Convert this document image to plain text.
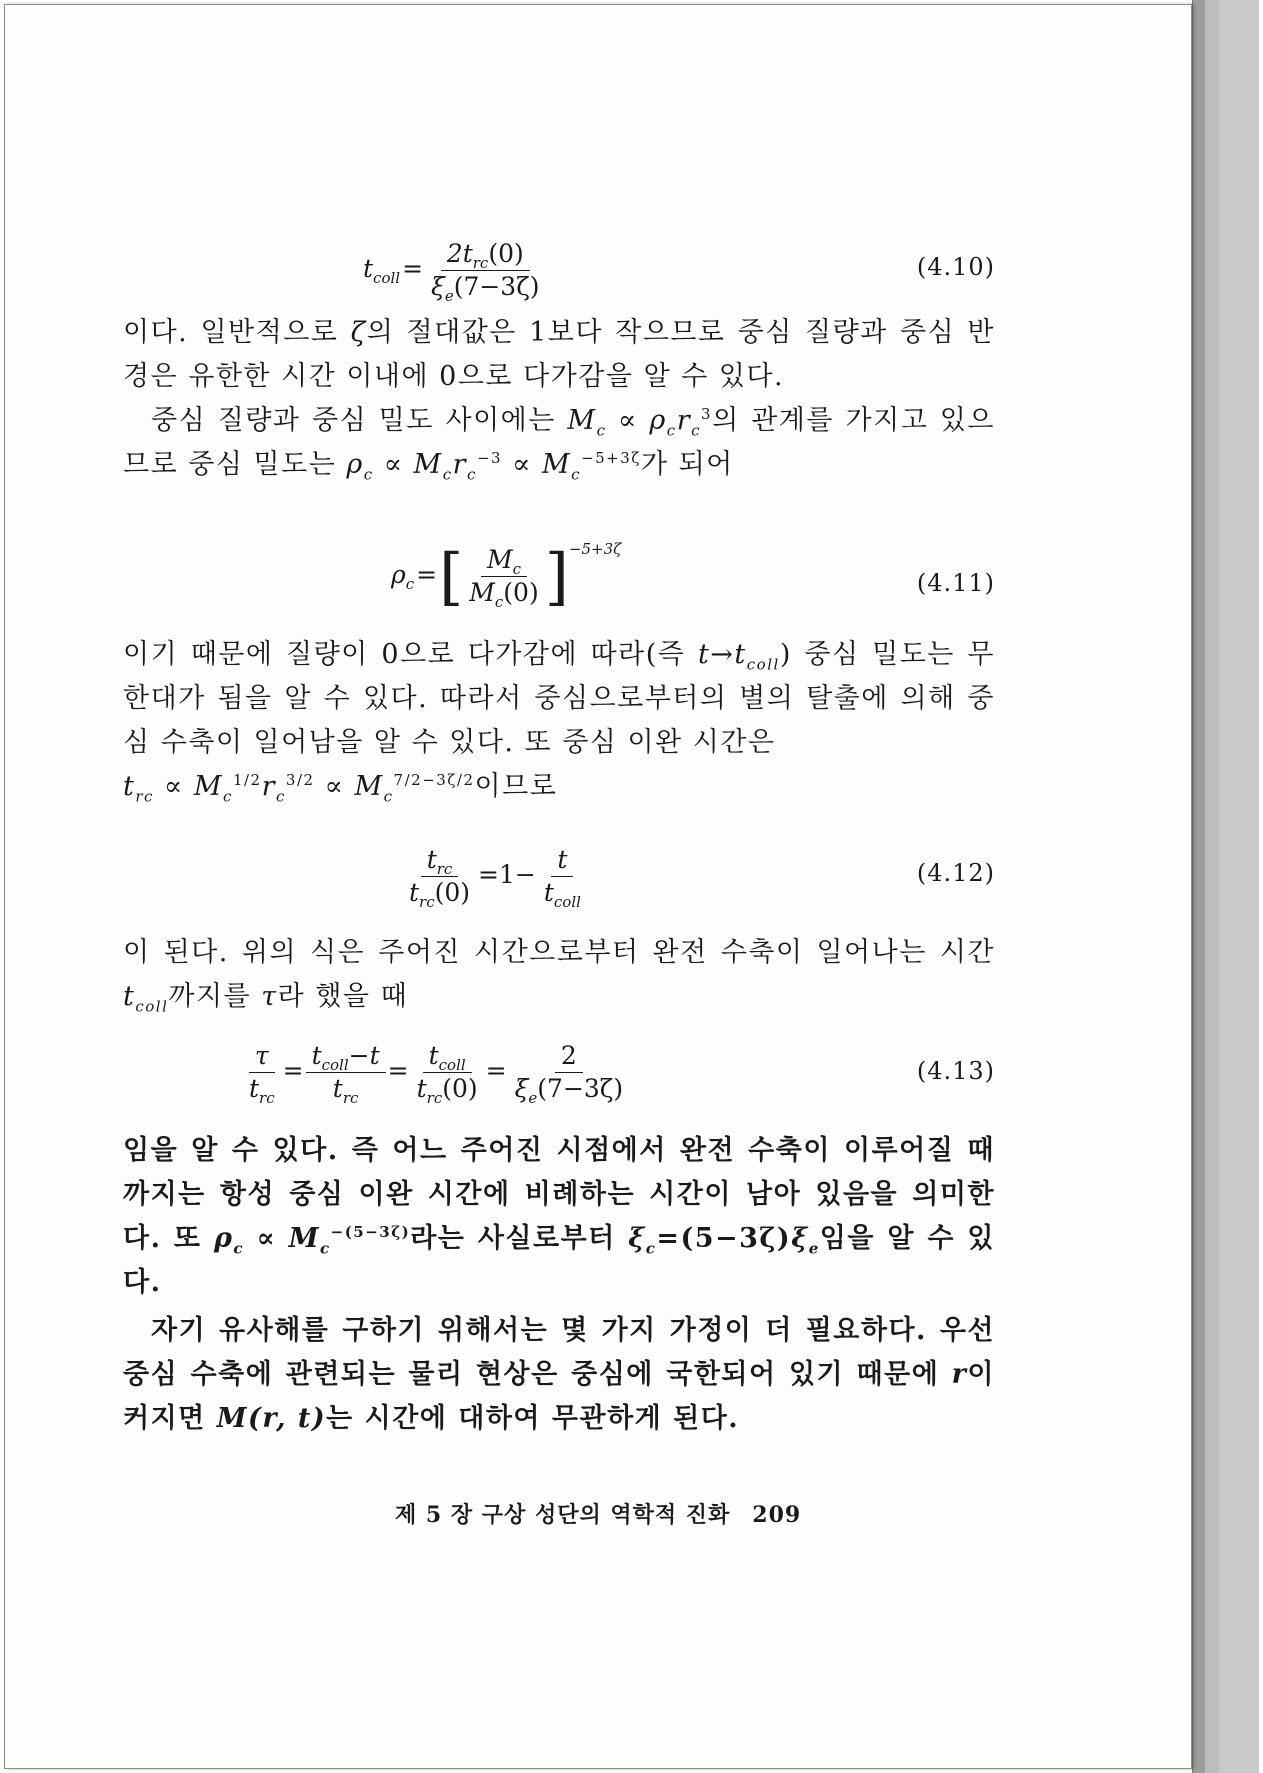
$t_{coll}= \frac{2t_{rc}(0)}{\xi_e(7-3\zeta)}$	(4.10)
이다. 일반적으로 ζ의 절대값은 1보다 작으므로 중심 질량과 중심 반경은 유한한 시간 이내에 0으로 다가감을 알 수 있다.
중심 질량과 중심 밀도 사이에는 $M_c \propto \rho_cr_c^3$의 관계를 가지고 있으므로 중심 밀도는 $\rho_c \propto M_cr_c^{-3} \propto M_c^{-5+3\zeta}$가 되어
$\rho_c=[ \frac{M_c}{M_c(0)} ]^{-5+3\zeta}$
(4.11)
이기 때문에 질량이 0으로 다가감에 따라(즉 $t\to t_{coll}$) 중심 밀도는 무한대가 됨을 알 수 있다. 따라서 중심으로부터의 별의 탈출에 의해 중심 수축이 일어남을 알 수 있다. 또 중심 이완 시간은
$t_{rc} \propto M_c^{1/2}r_c^{3/2} \propto M_c^{7/2-3\zeta/2}$이므로
$\frac{t_{rc}}{t_{rc}(0)} =1- \frac{t}{t_{coll}}$	(4.12)
이 된다. 위의 식은 주어진 시간으로부터 완전 수축이 일어나는 시간 $t_{coll}$까지를 τ라 했을 때
$\frac{\tau}{t_{rc}} = \frac{t_{coll}-t}{t_{rc}} = \frac{t_{coll}}{t_{rc}(0)} = \frac{2}{\xi_e(7-3\zeta)}$	(4.13)
임을 알 수 있다. 즉 어느 주어진 시점에서 완전 수축이 이루어질 때까지는 항성 중심 이완 시간에 비례하는 시간이 남아 있음을 의미한다. 또 $\rho_c \propto M_c^{-(5-3\zeta)}$라는 사실로부터 $\xi_c=(5-3\zeta)\xi_e$임을 알 수 있다.
자기 유사해를 구하기 위해서는 몇 가지 가정이 더 필요하다. 우선 중심 수축에 관련되는 물리 현상은 중심에 국한되어 있기 때문에 r이 커지면 M(r, t)는 시간에 대하여 무관하게 된다.
제 5 장 구상 성단의 역학적 진화 209
